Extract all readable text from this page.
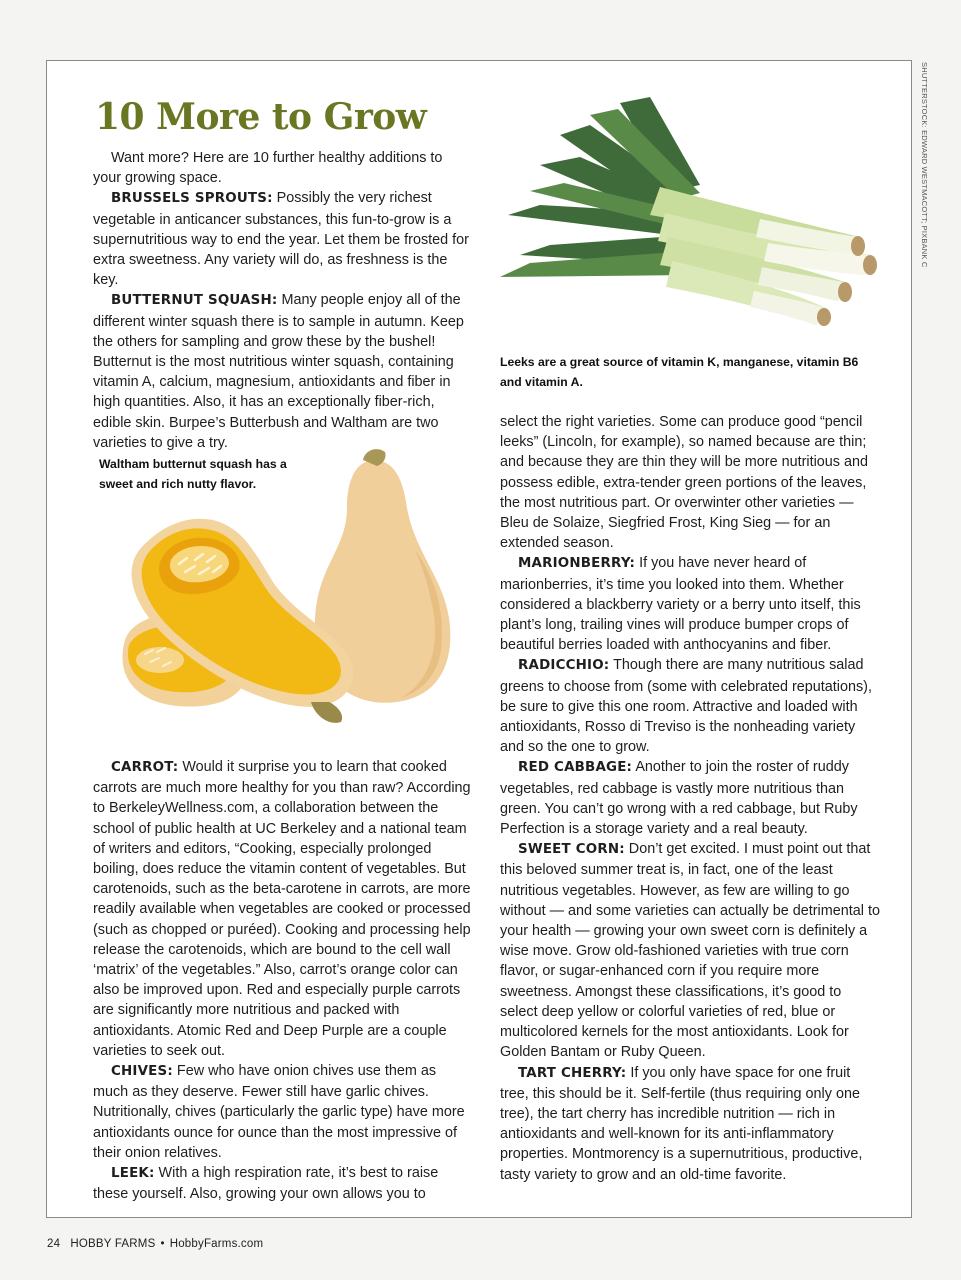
SHUTTERSTOCK: EDWARD WESTMACOTT; PIXBANK C
10 More to Grow

Want more? Here are 10 further healthy additions to your growing space.

BRUSSELS SPROUTS: Possibly the very richest vegetable in anticancer substances, this fun-to-grow is a supernutritious way to end the year. Let them be frosted for extra sweetness. Any variety will do, as freshness is the key.

BUTTERNUT SQUASH: Many people enjoy all of the different winter squash there is to sample in autumn. Keep the others for sampling and grow these by the bushel! Butternut is the most nutritious winter squash, containing vitamin A, calcium, magnesium, antioxidants and fiber in high quantities. Also, it has an exceptionally fiber-rich, edible skin. Burpee’s Butterbush and Waltham are two varieties to give a try.

Waltham butternut squash has a sweet and rich nutty flavor.

CARROT: Would it surprise you to learn that cooked carrots are much more healthy for you than raw? According to BerkeleyWellness.com, a collaboration between the school of public health at UC Berkeley and a national team of writers and editors, “Cooking, especially prolonged boiling, does reduce the vitamin content of vegetables. But carotenoids, such as the beta-carotene in carrots, are more readily available when vegetables are cooked or processed (such as chopped or puréed). Cooking and processing help release the carotenoids, which are bound to the cell wall ‘matrix’ of the vegetables.” Also, carrot’s orange color can also be improved upon. Red and especially purple carrots are significantly more nutritious and packed with antioxidants. Atomic Red and Deep Purple are a couple varieties to seek out.

CHIVES: Few who have onion chives use them as much as they deserve. Fewer still have garlic chives. Nutritionally, chives (particularly the garlic type) have more antioxidants ounce for ounce than the most impressive of their onion relatives.

LEEK: With a high respiration rate, it’s best to raise these yourself. Also, growing your own allows you to

Leeks are a great source of vitamin K, manganese, vitamin B6 and vitamin A.

select the right varieties. Some can produce good “pencil leeks” (Lincoln, for example), so named because are thin; and because they are thin they will be more nutritious and possess edible, extra-tender green portions of the leaves, the most nutritious part. Or overwinter other varieties — Bleu de Solaize, Siegfried Frost, King Sieg — for an extended season.

MARIONBERRY: If you have never heard of marionberries, it’s time you looked into them. Whether considered a blackberry variety or a berry unto itself, this plant’s long, trailing vines will produce bumper crops of beautiful berries loaded with anthocyanins and fiber.

RADICCHIO: Though there are many nutritious salad greens to choose from (some with celebrated reputations), be sure to give this one room. Attractive and loaded with antioxidants, Rosso di Treviso is the nonheading variety and so the one to grow.

RED CABBAGE: Another to join the roster of ruddy vegetables, red cabbage is vastly more nutritious than green. You can’t go wrong with a red cabbage, but Ruby Perfection is a storage variety and a real beauty.

SWEET CORN: Don’t get excited. I must point out that this beloved summer treat is, in fact, one of the least nutritious vegetables. However, as few are willing to go without — and some varieties can actually be detrimental to your health — growing your own sweet corn is definitely a wise move. Grow old-fashioned varieties with true corn flavor, or sugar-enhanced corn if you require more sweetness. Amongst these classifications, it’s good to select deep yellow or colorful varieties of red, blue or multicolored kernels for the most antioxidants. Look for Golden Bantam or Ruby Queen.

TART CHERRY: If you only have space for one fruit tree, this should be it. Self-fertile (thus requiring only one tree), the tart cherry has incredible nutrition — rich in antioxidants and well-known for its anti-inflammatory properties. Montmorency is a supernutritious, productive, tasty variety to grow and an old-time favorite.

24 HOBBY FARMS • HobbyFarms.com
